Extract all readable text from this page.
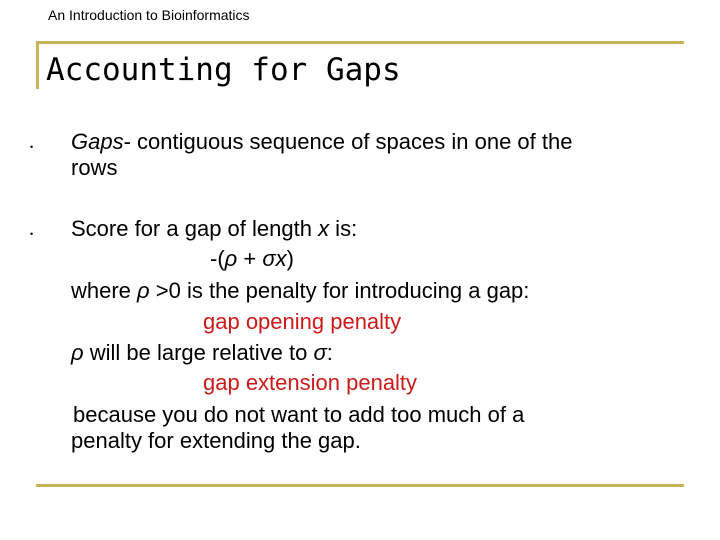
An Introduction to Bioinformatics
Accounting for Gaps
• Gaps- contiguous sequence of spaces in one of the
rows
• Score for a gap of length x is:
-(ρ + σx)
where ρ >0 is the penalty for introducing a gap:
gap opening penalty
ρ will be large relative to σ:
gap extension penalty
because you do not want to add too much of a
penalty for extending the gap.
